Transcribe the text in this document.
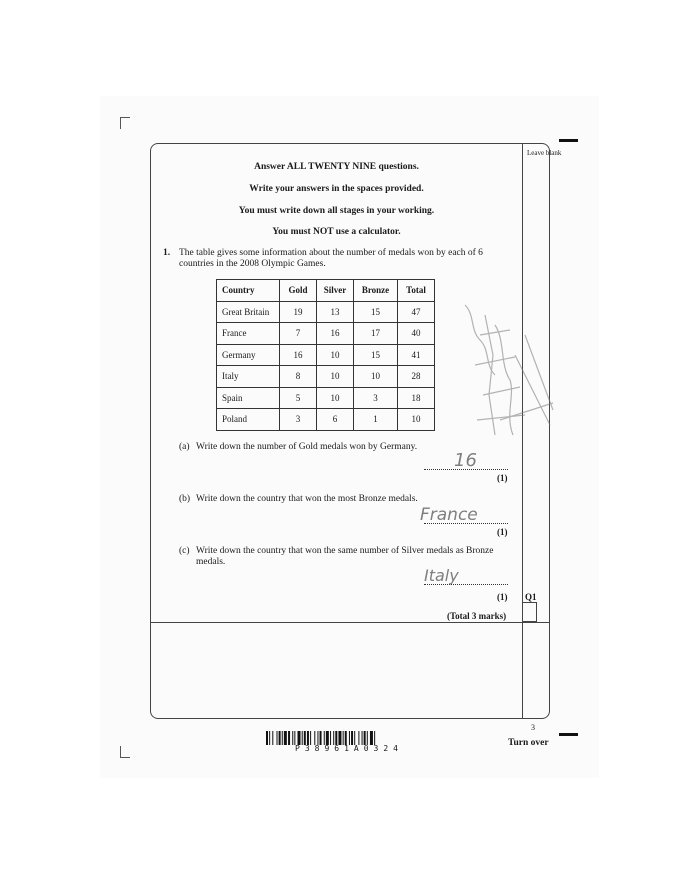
Leave blank
Answer ALL TWENTY NINE questions.
Write your answers in the spaces provided.
You must write down all stages in your working.
You must NOT use a calculator.
1. The table gives some information about the number of medals won by each of 6 countries in the 2008 Olympic Games.
Country	Gold	Silver	Bronze	Total
Great Britain	19	13	15	47
France	7	16	17	40
Germany	16	10	15	41
Italy	8	10	10	28
Spain	5	10	3	18
Poland	3	6	1	10
(a) Write down the number of Gold medals won by Germany.
16
(1)
(b) Write down the country that won the most Bronze medals.
France
(1)
(c) Write down the country that won the same number of Silver medals as Bronze
medals.
Italy
(1) Q1
(Total 3 marks)
3
Turn over
P38961A0324
